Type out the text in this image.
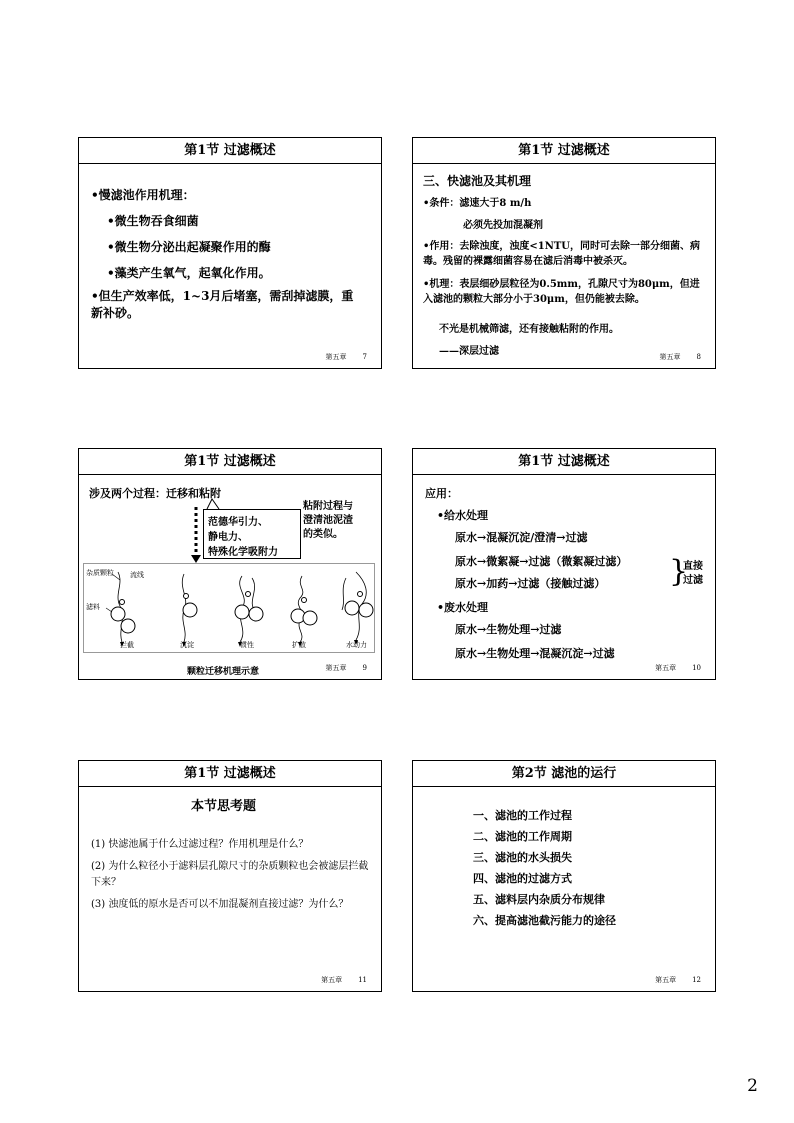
第1节 过滤概述
•慢滤池作用机理：
•微生物吞食细菌
•微生物分泌出起凝聚作用的酶
•藻类产生氧气，起氧化作用。
•但生产效率低，1~3月后堵塞，需刮掉滤膜，重新补砂。
第五章 7
第1节 过滤概述
三、快滤池及其机理
•条件：滤速大于8 m/h
必须先投加混凝剂
•作用：去除浊度，浊度<1NTU，同时可去除一部分细菌、病毒。残留的裸露细菌容易在滤后消毒中被杀灭。
•机理：表层细砂层粒径为0.5mm，孔隙尺寸为80μm，但进入滤池的颗粒大部分小于30μm，但仍能被去除。
不光是机械筛滤，还有接触粘附的作用。
——深层过滤	第五章 8
第1节 过滤概述
涉及两个过程：迁移和粘附
范德华引力、
静电力、
特殊化学吸附力
粘附过程与
澄清池泥渣
的类似。
杂质颗粒 流线
滤料
拦截	沉淀	惯性	扩散	水动力
颗粒迁移机理示意	第五章 9
第1节 过滤概述
应用：
•给水处理
原水→混凝沉淀/澄清→过滤
原水→微絮凝→过滤（微絮凝过滤）
原水→加药→过滤（接触过滤）
•废水处理
原水→生物处理→过滤
原水→生物处理→混凝沉淀→过滤
}
直接
过滤
第五章 10
第1节 过滤概述
本节思考题
(1) 快滤池属于什么过滤过程？作用机理是什么？
(2) 为什么粒径小于滤料层孔隙尺寸的杂质颗粒也会被滤层拦截下来？
(3) 浊度低的原水是否可以不加混凝剂直接过滤？为什么？
第五章 11
第2节 滤池的运行
一、滤池的工作过程
二、滤池的工作周期
三、滤池的水头损失
四、滤池的过滤方式
五、滤料层内杂质分布规律
六、提高滤池截污能力的途径
第五章 12
2
